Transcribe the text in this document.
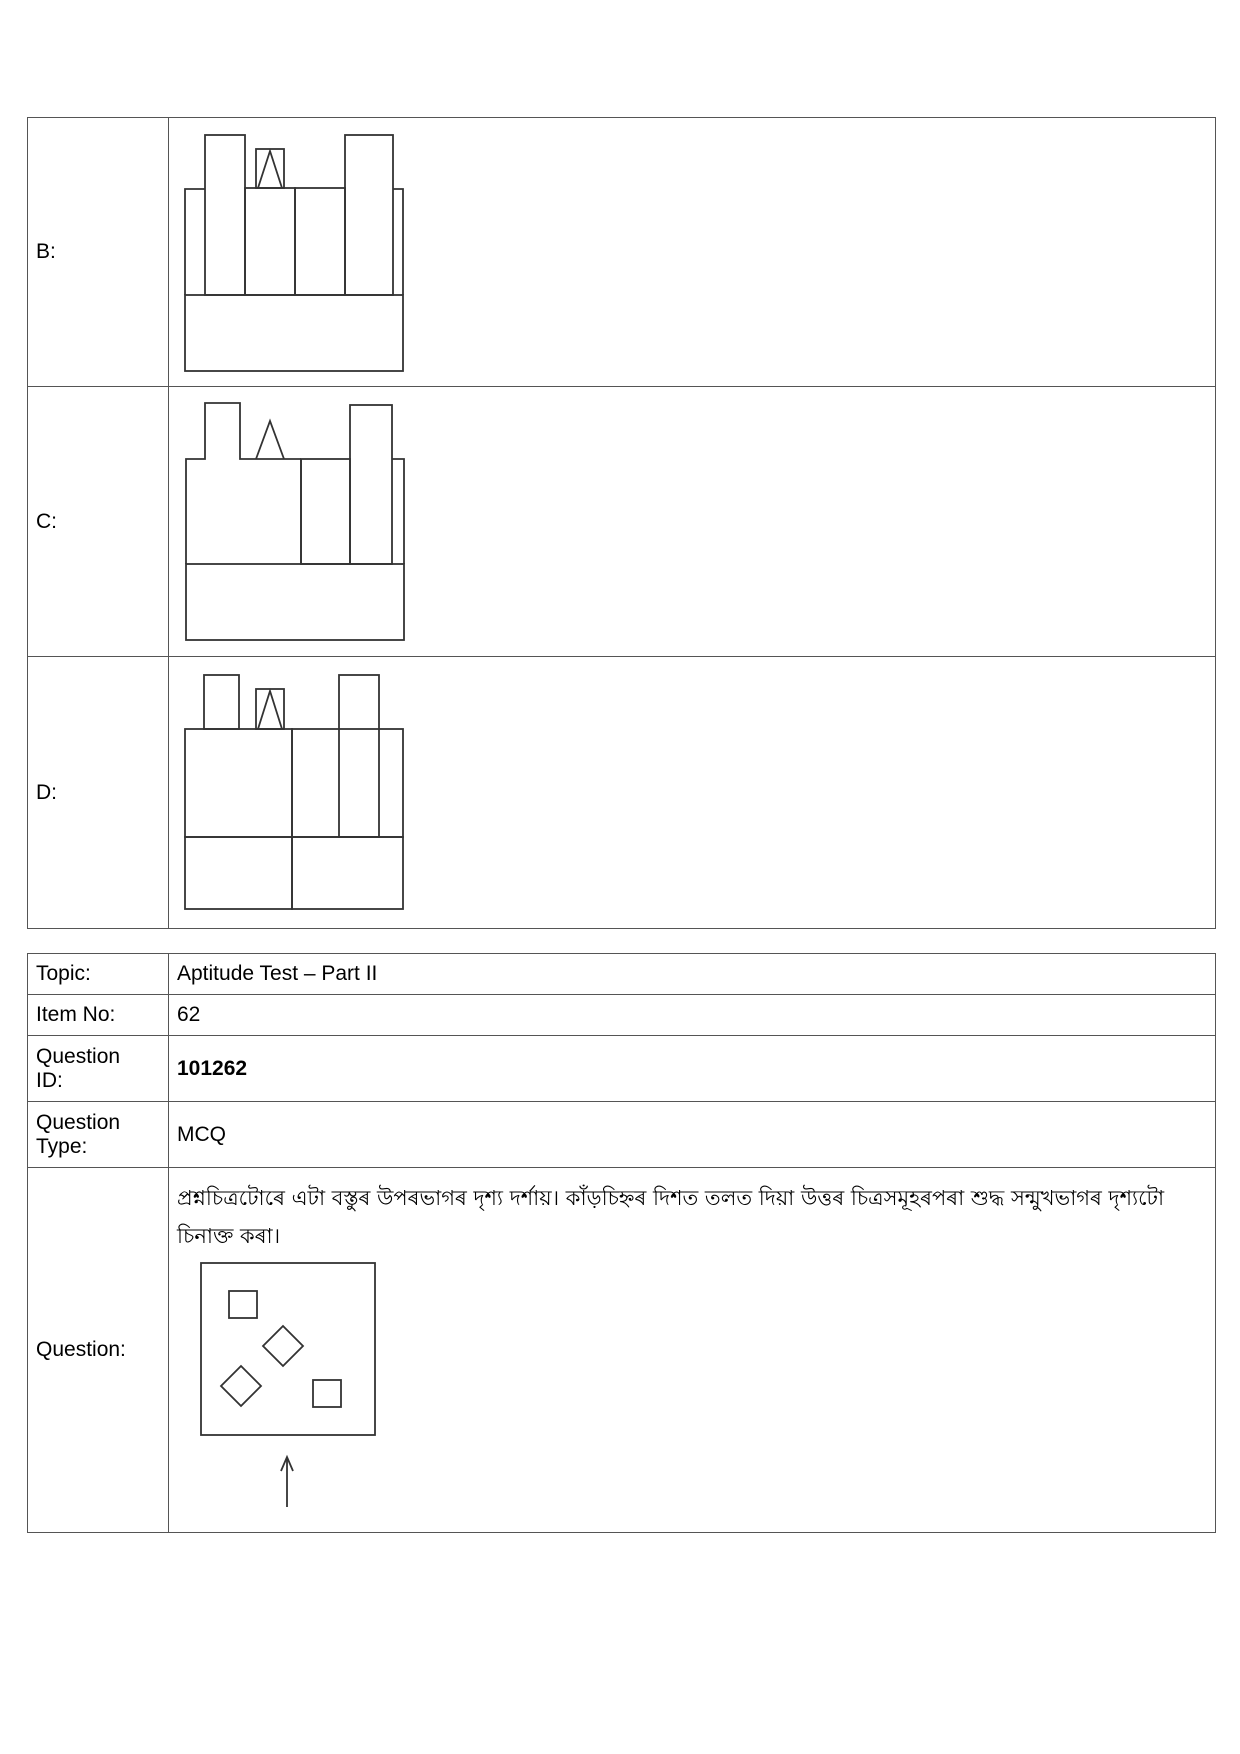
B:	

C:	

D:	
Topic:	Aptitude Test – Part II
Item No:	62

Question
ID:	101262

Question
Type:	MCQ
Question:	প্ৰশ্নচিত্ৰটোৰে এটা বস্তুৰ উপৰভাগৰ দৃশ্য দৰ্শায়। কাঁড়চিহ্নৰ দিশত তলত দিয়া উত্তৰ চিত্ৰসমূহৰপৰা শুদ্ধ সন্মুখভাগৰ দৃশ্যটো চিনাক্ত কৰা।
